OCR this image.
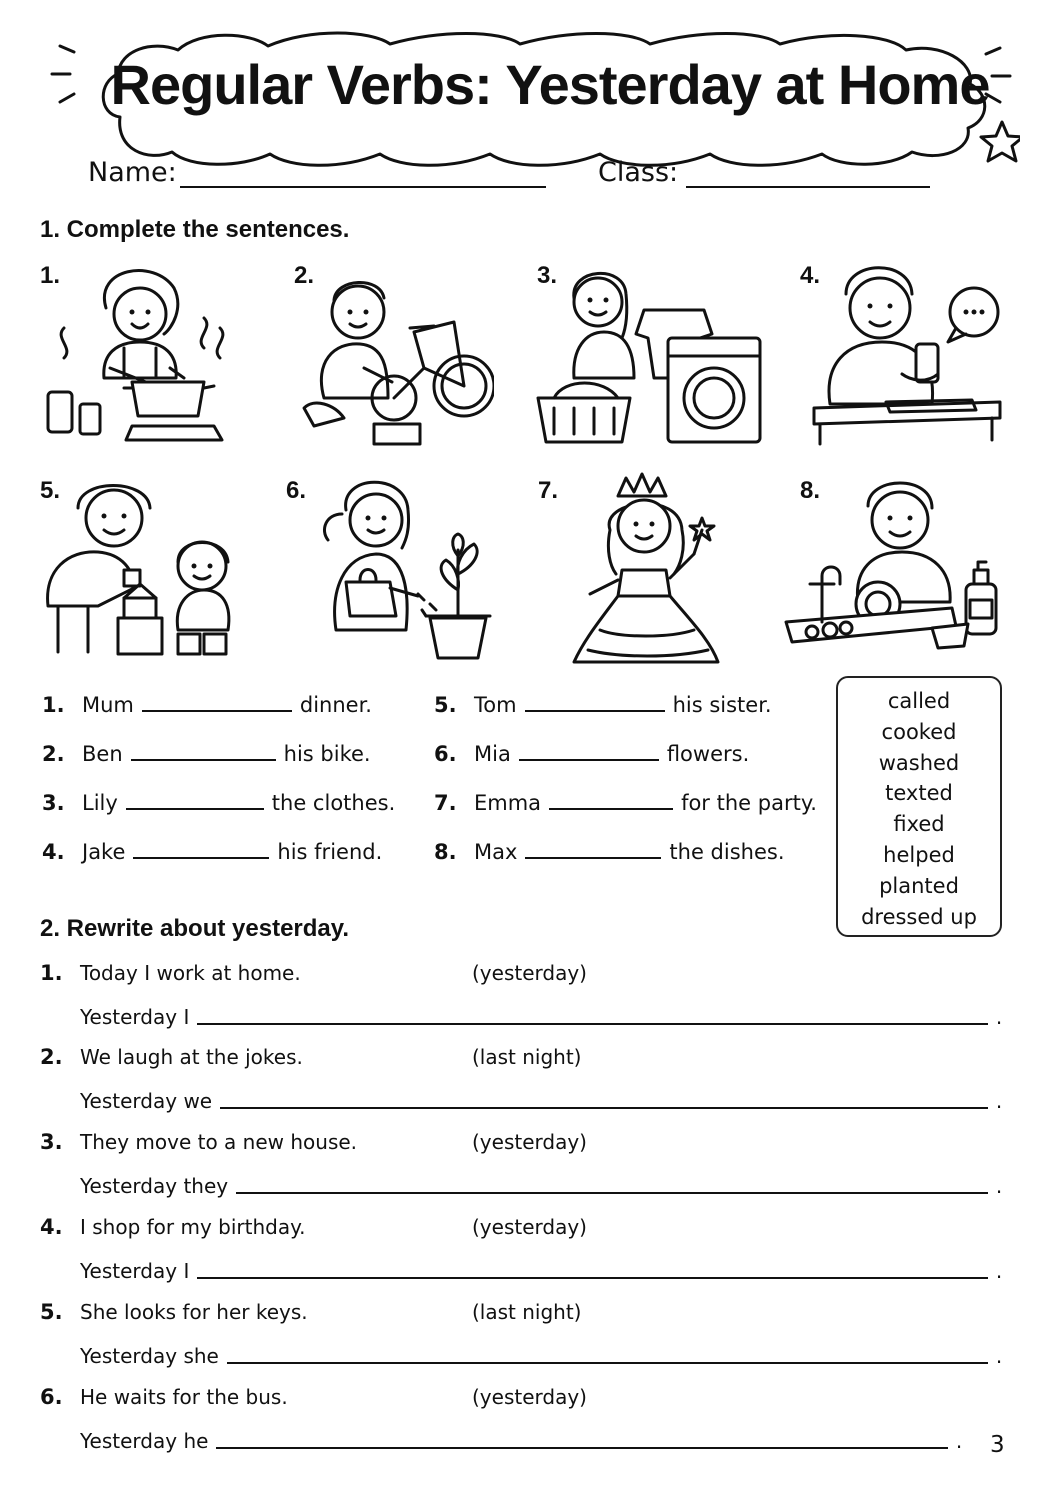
Regular Verbs: Yesterday at Home
Name:	Class:
1. Complete the sentences.
1.	2.	3.	4.
5.	6.	7.	8.
1. Mum	dinner.
2. Ben	his bike.
3. Lily	the clothes.
4. Jake	his friend.
5. Tom	his sister.
6. Mia	flowers.
7. Emma	for the party.
8. Max	the dishes.
called
cooked
washed
texted
fixed
helped
planted
dressed up
2. Rewrite about yesterday.
1. Today I work at home.	(yesterday)
Yesterday I	.
2. We laugh at the jokes.	(last night)
Yesterday we	.
3. They move to a new house.	(yesterday)
Yesterday they	.
4. I shop for my birthday.	(yesterday)
Yesterday I	.
5. She looks for her keys.	(last night)
Yesterday she	.
6. He waits for the bus.	(yesterday)
Yesterday he	.	3
